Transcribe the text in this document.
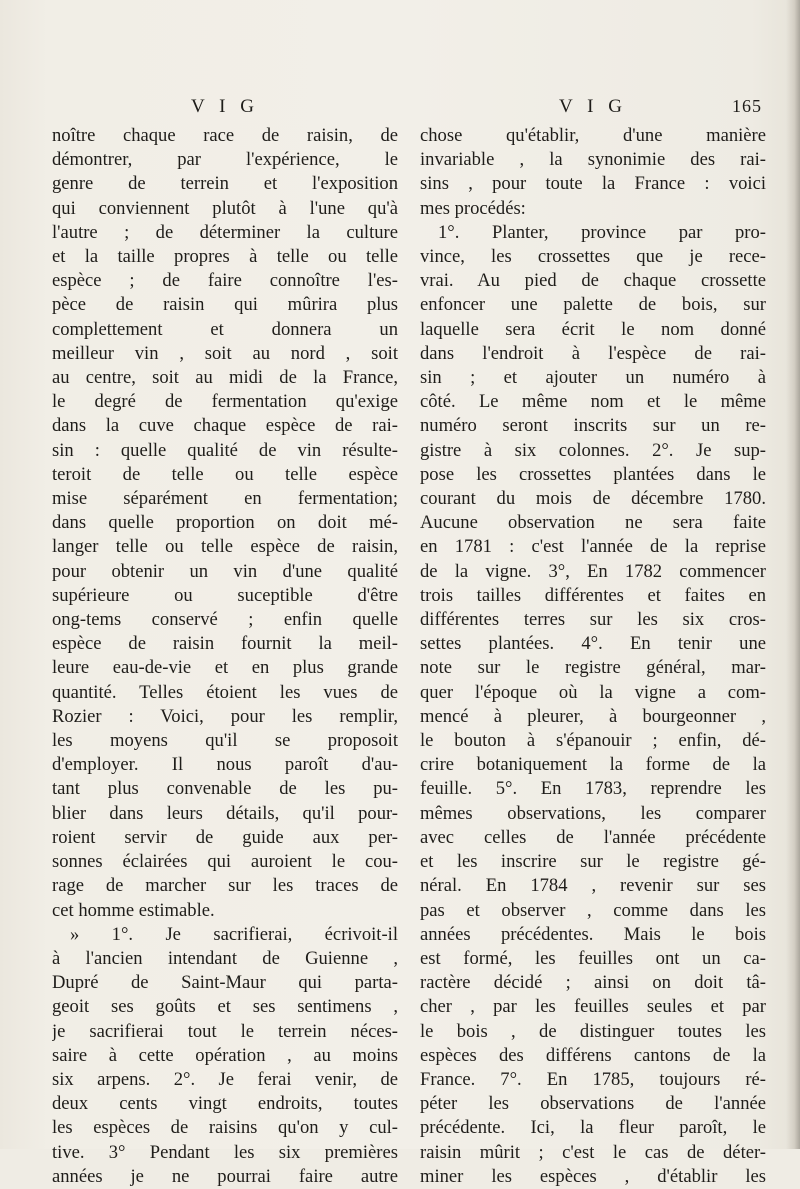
V I G
noître chaque race de raisin, de
démontrer, par l'expérience, le
genre de terrein et l'exposition
qui conviennent plutôt à l'une qu'à
l'autre ; de déterminer la culture
et la taille propres à telle ou telle
espèce ; de faire connoître l'es-
pèce de raisin qui mûrira plus
complettement et donnera un
meilleur vin , soit au nord , soit
au centre, soit au midi de la France,
le degré de fermentation qu'exige
dans la cuve chaque espèce de rai-
sin : quelle qualité de vin résulte-
teroit de telle ou telle espèce
mise séparément en fermentation;
dans quelle proportion on doit mé-
langer telle ou telle espèce de raisin,
pour obtenir un vin d'une qualité
supérieure ou suceptible d'être
ong-tems conservé ; enfin quelle
espèce de raisin fournit la meil-
leure eau-de-vie et en plus grande
quantité. Telles étoient les vues de
Rozier : Voici, pour les remplir,
les moyens qu'il se proposoit
d'employer. Il nous paroît d'au-
tant plus convenable de les pu-
blier dans leurs détails, qu'il pour-
roient servir de guide aux per-
sonnes éclairées qui auroient le cou-
rage de marcher sur les traces de
cet homme estimable.
» 1°. Je sacrifierai, écrivoit-il
à l'ancien intendant de Guienne ,
Dupré de Saint-Maur qui parta-
geoit ses goûts et ses sentimens ,
je sacrifierai tout le terrein néces-
saire à cette opération , au moins
six arpens. 2°. Je ferai venir, de
deux cents vingt endroits, toutes
les espèces de raisins qu'on y cul-
tive. 3° Pendant les six premières
années je ne pourrai faire autre
V I G	165
chose qu'établir, d'une manière
invariable , la synonimie des rai-
sins , pour toute la France : voici
mes procédés:
1°. Planter, province par pro-
vince, les crossettes que je rece-
vrai. Au pied de chaque crossette
enfoncer une palette de bois, sur
laquelle sera écrit le nom donné
dans l'endroit à l'espèce de rai-
sin ; et ajouter un numéro à
côté. Le même nom et le même
numéro seront inscrits sur un re-
gistre à six colonnes. 2°. Je sup-
pose les crossettes plantées dans le
courant du mois de décembre 1780.
Aucune observation ne sera faite
en 1781 : c'est l'année de la reprise
de la vigne. 3°, En 1782 commencer
trois tailles différentes et faites en
différentes terres sur les six cros-
settes plantées. 4°. En tenir une
note sur le registre général, mar-
quer l'époque où la vigne a com-
mencé à pleurer, à bourgeonner ,
le bouton à s'épanouir ; enfin, dé-
crire botaniquement la forme de la
feuille. 5°. En 1783, reprendre les
mêmes observations, les comparer
avec celles de l'année précédente
et les inscrire sur le registre gé-
néral. En 1784 , revenir sur ses
pas et observer , comme dans les
années précédentes. Mais le bois
est formé, les feuilles ont un ca-
ractère décidé ; ainsi on doit tâ-
cher , par les feuilles seules et par
le bois , de distinguer toutes les
espèces des différens cantons de la
France. 7°. En 1785, toujours ré-
péter les observations de l'année
précédente. Ici, la fleur paroît, le
raisin mûrit ; c'est le cas de déter-
miner les espèces , d'établir les
